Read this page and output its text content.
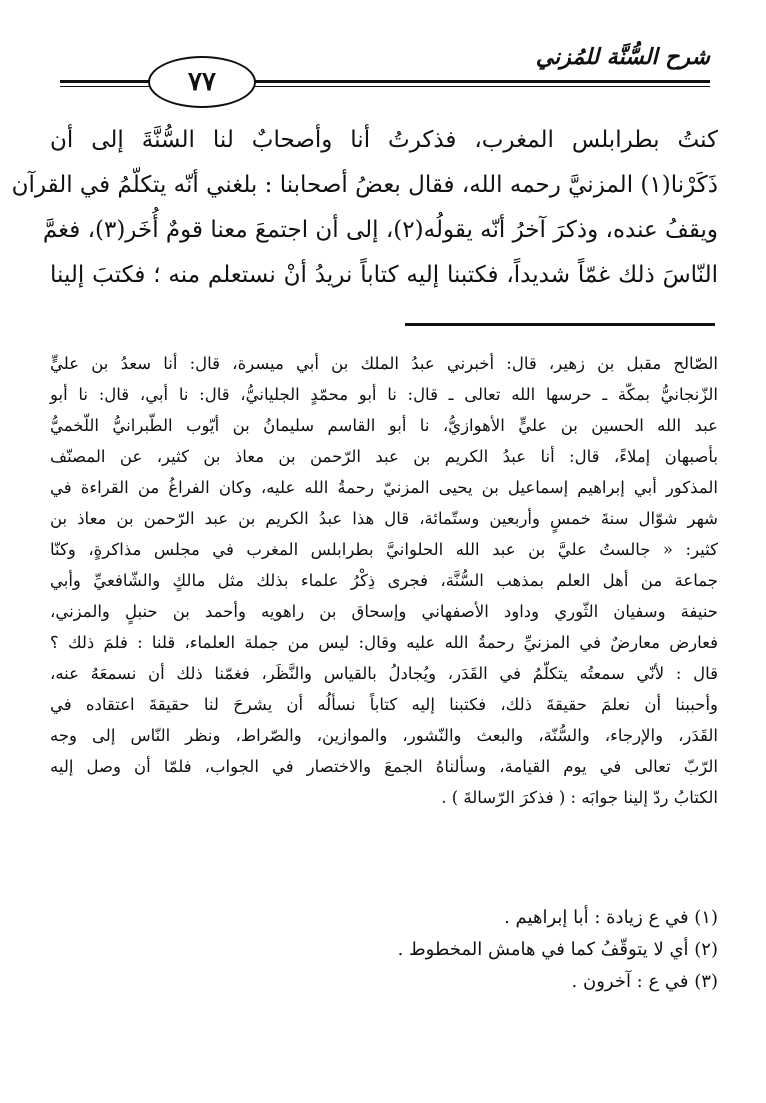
شرح السُّنَّة للمُزني
٧٧

كنتُ بطرابلس المغرب، فذكرتُ أنا وأصحابٌ لنا السُّنَّةَ إلى أن

ذَكَرْنا(١) المزنيَّ رحمه الله، فقال بعضُ أصحابنا : بلغني أنّه يتكلّمُ في القرآن

ويقفُ عنده، وذكرَ آخرُ أنّه يقولُه(٢)، إلى أن اجتمعَ معنا قومٌ أُخَر(٣)، فغمَّ

النّاسَ ذلك غمّاً شديداً، فكتبنا إليه كتاباً نريدُ أنْ نستعلم منه ؛ فكتبَ إلينا

الصّالح مقبل بن زهير، قال: أخبرني عبدُ الملك بن أبي ميسرة، قال: أنا سعدُ بن عليٍّ

الزّنجانيُّ بمكّة ـ حرسها الله تعالى ـ قال: نا أبو محمّدٍ الجليانيُّ، قال: نا أبي، قال: نا أبو

عبد الله الحسين بن عليٍّ الأهوازيُّ، نا أبو القاسم سليمانُ بن أيّوب الطّبرانيُّ اللّخميُّ

بأصبهان إملاءً، قال: أنا عبدُ الكريم بن عبد الرّحمن بن معاذ بن كثير، عن المصنّف

المذكور أبي إبراهيم إسماعيل بن يحيى المزنيّ رحمةُ الله عليه، وكان الفراغُ من القراءة في

شهر شوّال سنةَ خمسٍ وأربعين وستّمائة، قال هذا عبدُ الكريم بن عبد الرّحمن بن معاذ بن

كثير: « جالستُ عليَّ بن عبد الله الحلوانيَّ بطرابلس المغرب في مجلس مذاكرةٍ، وكنّا

جماعة من أهل العلم بمذهب السُّنَّة، فجرى ذِكْرُ علماء بذلك مثل مالكٍ والشّافعيِّ وأبي

حنيفة وسفيان الثّوري وداود الأصفهاني وإسحاق بن راهويه وأحمد بن حنبلٍ والمزني،

فعارض معارضٌ في المزنيِّ رحمةُ الله عليه وقال: ليس من جملة العلماء، قلنا : فلمَ ذلك ؟

قال : لأنّي سمعتُه يتكلّمُ في القَدَر، ويُجادلُ بالقياس والنَّظَر، فغمّنا ذلك أن نسمعَهُ عنه،

وأحببنا أن نعلمَ حقيقةَ ذلك، فكتبنا إليه كتاباً نسألُه أن يشرحَ لنا حقيقةَ اعتقاده في

القَدَر، والإرجاء، والسُّنّة، والبعث والنّشور، والموازين، والصّراط، ونظر النّاس إلى وجه

الرّبّ تعالى في يوم القيامة، وسألناهُ الجمعَ والاختصار في الجواب، فلمّا أن وصل إليه

الكتابُ ردّ إلينا جوابَه : ( فذكرَ الرّسالةَ ) .

(١) في ع زيادة : أبا إبراهيم .

(٢) أي لا يتوقّفُ كما في هامش المخطوط .

(٣) في ع : آخرون .
